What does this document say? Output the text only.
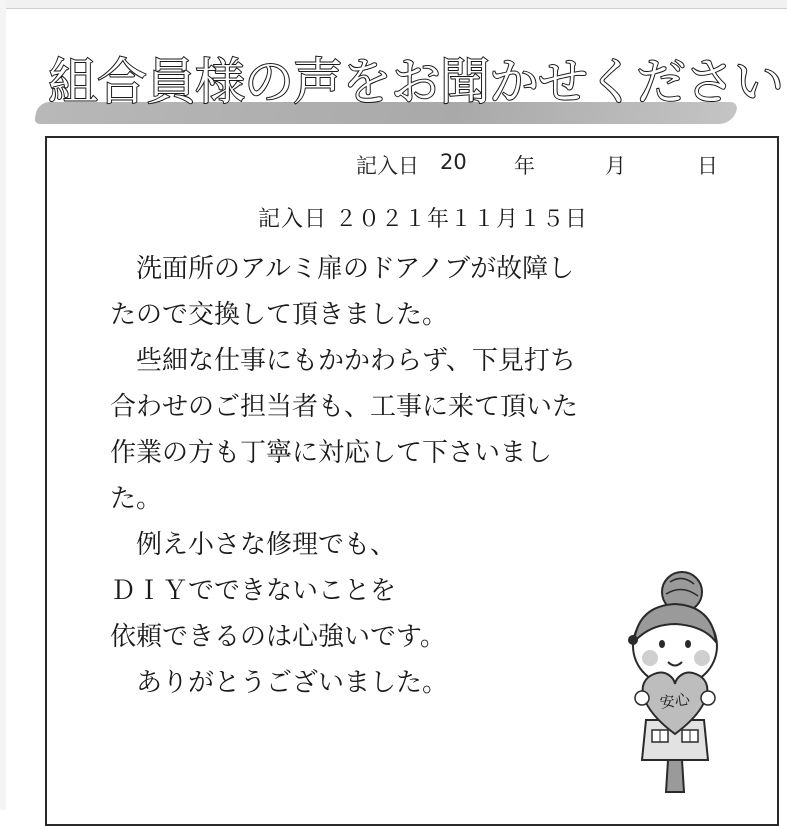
組合員様の声をお聞かせください
記入日 20 年	月	日
記入日 ２０２１年１１月１５日
　洗面所のアルミ扉のドアノブが故障し
たので交換して頂きました。
　些細な仕事にもかかわらず、下見打ち
合わせのご担当者も、工事に来て頂いた
作業の方も丁寧に対応して下さいまし
た。
　例え小さな修理でも、
ＤＩＹでできないことを
依頼できるのは心強いです。
　ありがとうございました。
安心
